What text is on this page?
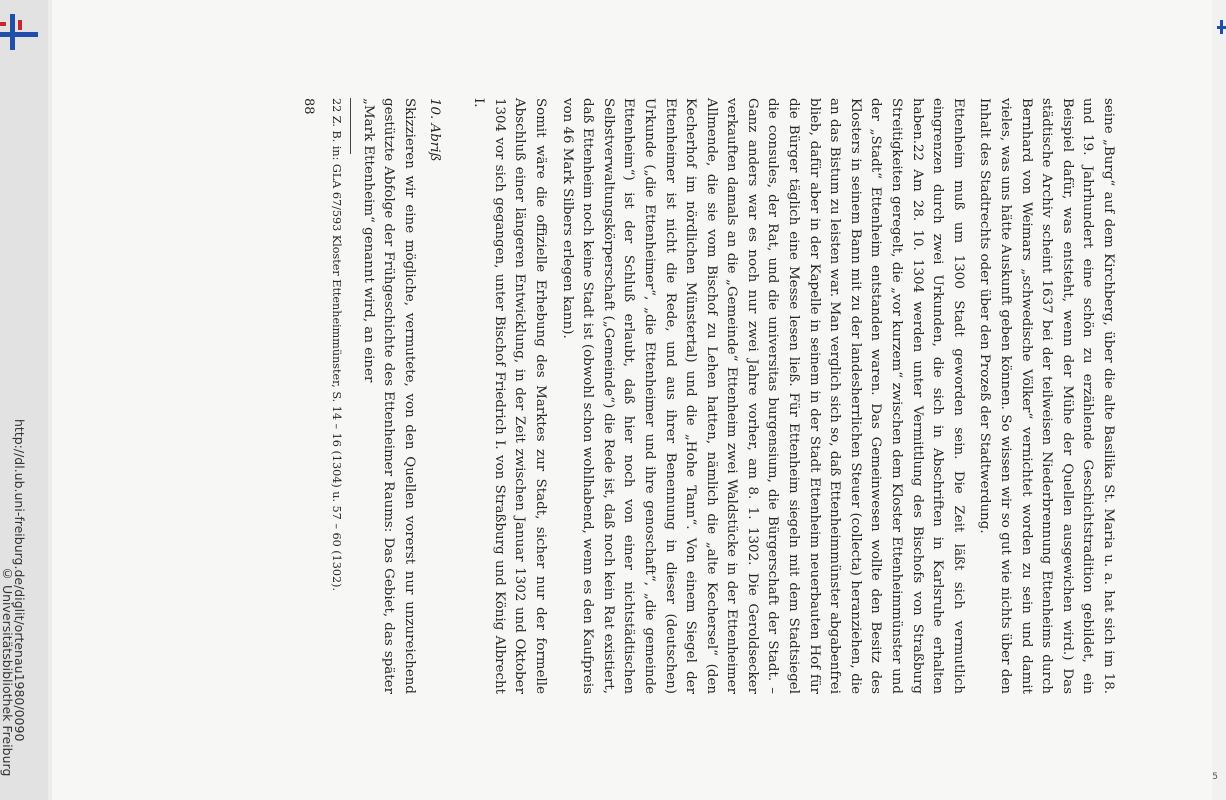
http://dl.ub.uni-freiburg.de/diglit/ortenau1980/0090
© Universitätsbibliothek Freiburg
5

seine „Burg“ auf dem Kirchberg, über die alte Basilika St. Maria u. a. hat sich im 18. und 19. Jahrhundert eine schön zu erzählende Geschichtstradition gebildet, ein Beispiel dafür, was entsteht, wenn der Mühe der Quellen ausgewichen wird.) Das städtische Archiv scheint 1637 bei der teilweisen Niederbrennung Ettenheims durch Bernhard von Weimars „schwedische Völker“ vernichtet worden zu sein und damit vieles, was uns hätte Auskunft geben können. So wissen wir so gut wie nichts über den Inhalt des Stadtrechts oder über den Prozeß der Stadtwerdung.

Ettenheim muß um 1300 Stadt geworden sein. Die Zeit läßt sich vermutlich eingrenzen durch zwei Urkunden, die sich in Abschriften in Karlsruhe erhalten haben.22 Am 28. 10. 1304 werden unter Vermittlung des Bischofs von Straßburg Streitigkeiten geregelt, die „vor kurzem“ zwischen dem Kloster Ettenheimmünster und der „Stadt“ Ettenheim entstanden waren. Das Gemeinwesen wollte den Besitz des Klosters in seinem Bann mit zu der landesherrlichen Steuer (collecta) heranziehen, die an das Bistum zu leisten war. Man verglich sich so, daß Ettenheimmünster abgabenfrei blieb, dafür aber in der Kapelle in seinem in der Stadt Ettenheim neuerbauten Hof für die Bürger täglich eine Messe lesen ließ. Für Ettenheim siegeln mit dem Stadtsiegel die consules, der Rat, und die universitas burgensium, die Bürgerschaft der Stadt. – Ganz anders war es noch nur zwei Jahre vorher, am 8. 1. 1302. Die Geroldsecker verkauften damals an die „Gemeinde“ Ettenheim zwei Waldstücke in der Ettenheimer Allmende, die sie vom Bischof zu Lehen hatten, nämlich die „alte Kechersel“ (den Kecherhof im nördlichen Münstertal) und die „Hohe Tann“. Von einem Siegel der Ettenheimer ist nicht die Rede, und aus ihrer Benennung in dieser (deutschen) Urkunde („die Ettenheimer“, „die Ettenheimer und ihre genoschaft“, „die gemeinde Ettenheim“) ist der Schluß erlaubt, daß hier noch von einer nichtstädtischen Selbstverwaltungskörperschaft („Gemeinde“) die Rede ist, daß noch kein Rat existiert, daß Ettenheim noch keine Stadt ist (obwohl schon wohlhabend, wenn es den Kaufpreis von 46 Mark Silbers erlegen kann).

Somit wäre die offizielle Erhebung des Marktes zur Stadt, sicher nur der formelle Abschluß einer längeren Entwicklung, in der Zeit zwischen Januar 1302 und Oktober 1304 vor sich gegangen, unter Bischof Friedrich I. von Straßburg und König Albrecht I.

10. Abriß

Skizzieren wir eine mögliche, vermutete, von den Quellen vorerst nur unzureichend gestützte Abfolge der Frühgeschichte des Ettenheimer Raums: Das Gebiet, das später „Mark Ettenheim“ genannt wird, an einer

22 Z. B. in: GLA 67/593 Kloster Ettenheimmünster, S. 14 – 16 (1304) u. 57 – 60 (1302).
88
